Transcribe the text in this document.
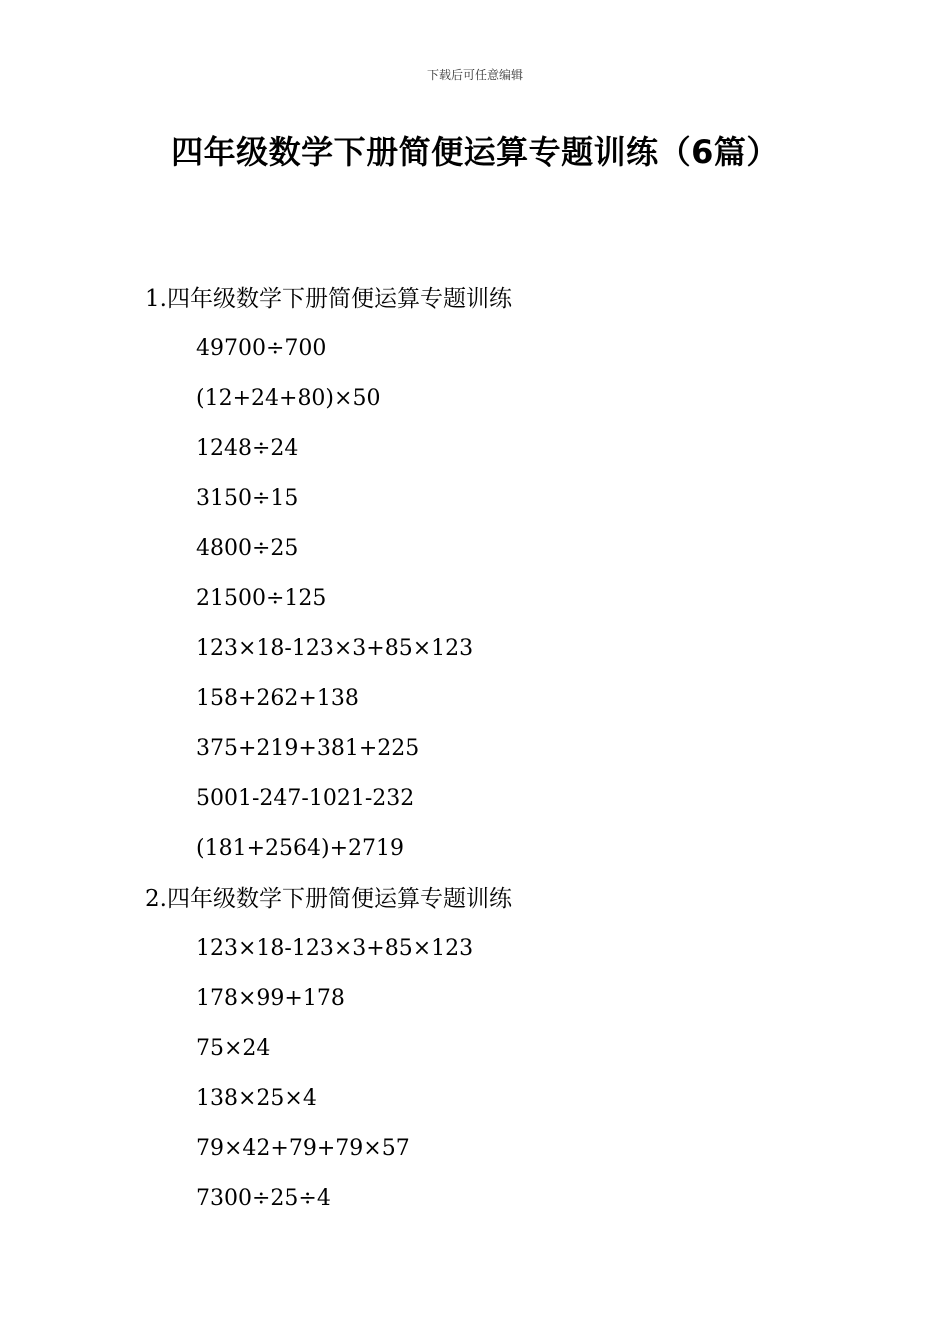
下载后可任意编辑
四年级数学下册简便运算专题训练（6篇）
1.四年级数学下册简便运算专题训练
49700÷700
(12+24+80)×50
1248÷24
3150÷15
4800÷25
21500÷125
123×18-123×3+85×123
158+262+138
375+219+381+225
5001-247-1021-232
(181+2564)+2719
2.四年级数学下册简便运算专题训练
123×18-123×3+85×123
178×99+178
75×24
138×25×4
79×42+79+79×57
7300÷25÷4
